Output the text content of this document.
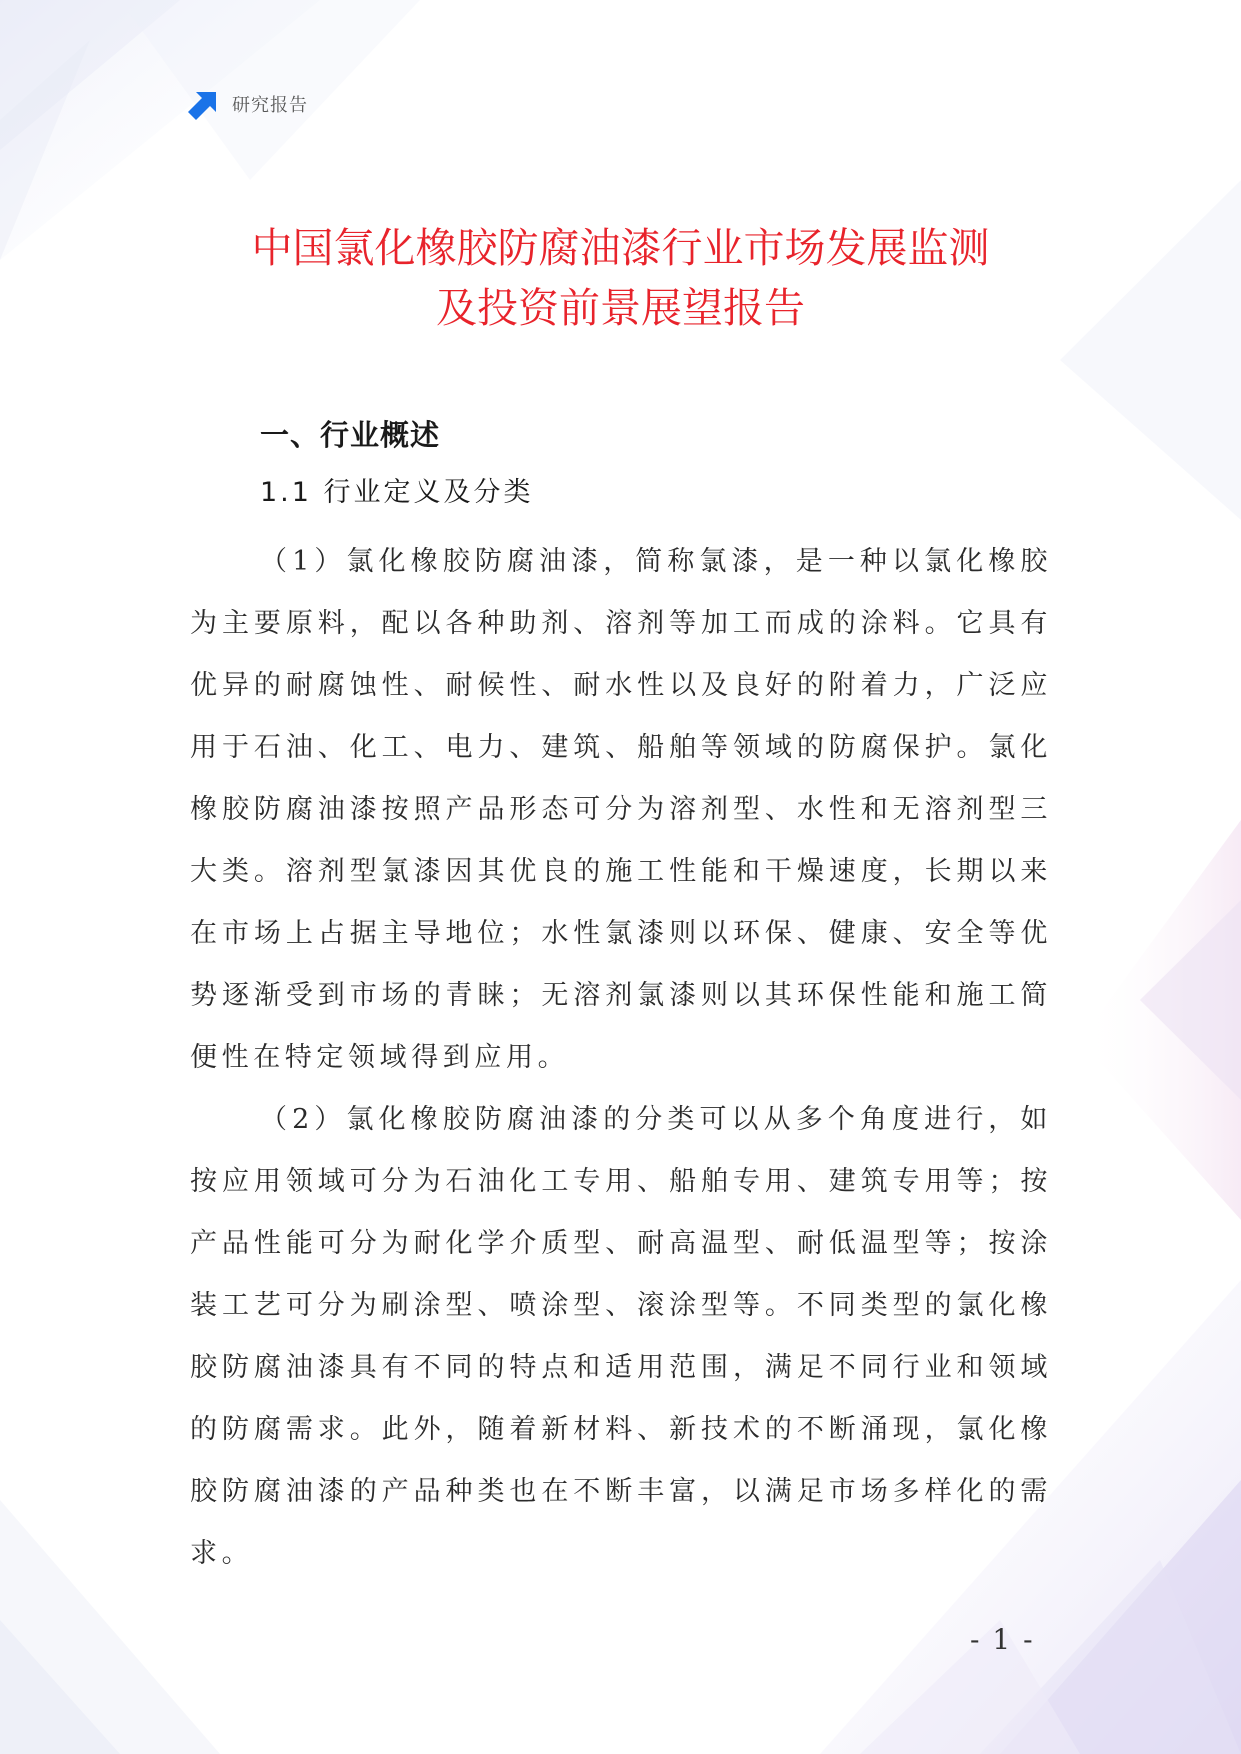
研究报告
中国氯化橡胶防腐油漆行业市场发展监测
及投资前景展望报告
一、行业概述
1.1 行业定义及分类

（1）氯化橡胶防腐油漆，简称氯漆，是一种以氯化橡胶为主要原料，配以各种助剂、溶剂等加工而成的涂料。它具有优异的耐腐蚀性、耐候性、耐水性以及良好的附着力，广泛应用于石油、化工、电力、建筑、船舶等领域的防腐保护。氯化橡胶防腐油漆按照产品形态可分为溶剂型、水性和无溶剂型三大类。溶剂型氯漆因其优良的施工性能和干燥速度，长期以来在市场上占据主导地位；水性氯漆则以环保、健康、安全等优势逐渐受到市场的青睐；无溶剂氯漆则以其环保性能和施工简便性在特定领域得到应用。

（2）氯化橡胶防腐油漆的分类可以从多个角度进行，如按应用领域可分为石油化工专用、船舶专用、建筑专用等；按产品性能可分为耐化学介质型、耐高温型、耐低温型等；按涂装工艺可分为刷涂型、喷涂型、滚涂型等。不同类型的氯化橡胶防腐油漆具有不同的特点和适用范围，满足不同行业和领域的防腐需求。此外，随着新材料、新技术的不断涌现，氯化橡胶防腐油漆的产品种类也在不断丰富，以满足市场多样化的需求。

- 1 -
